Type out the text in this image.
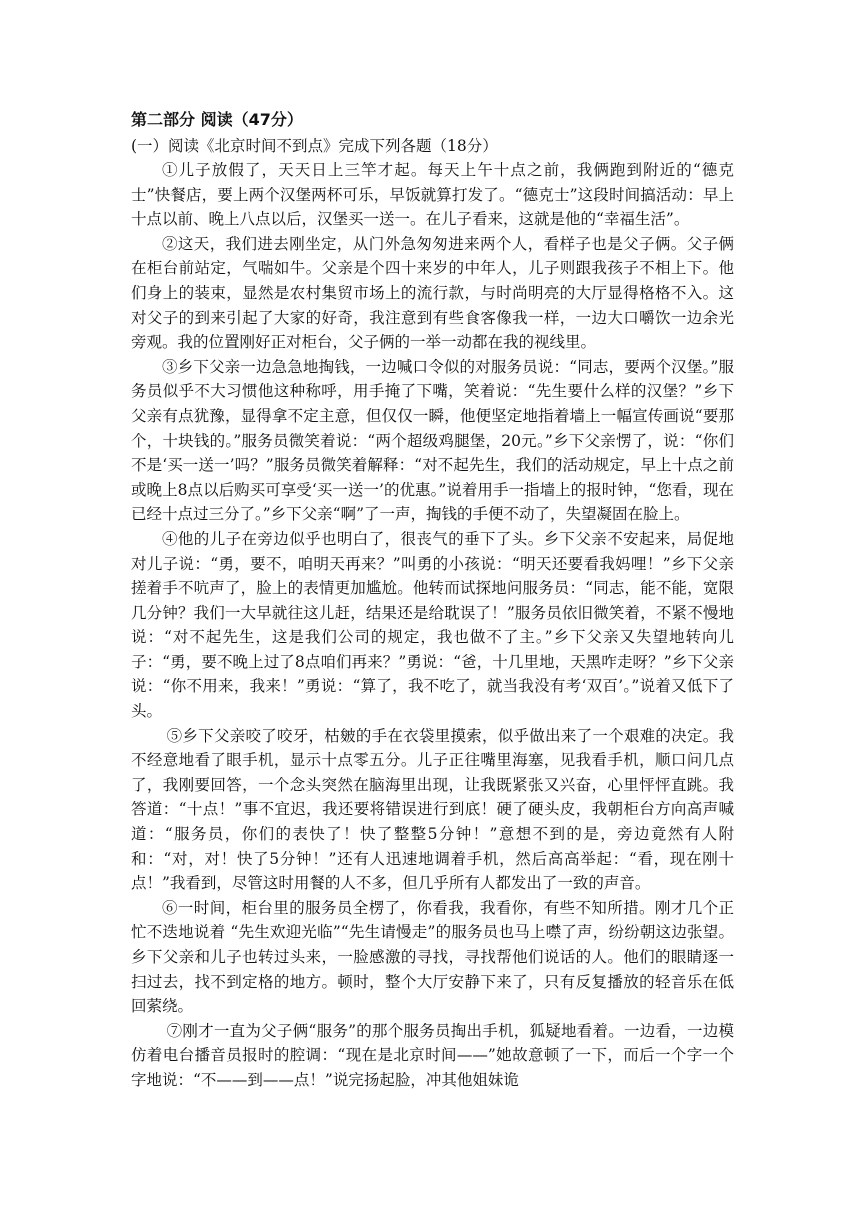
第二部分 阅读（47分）

(一）阅读《北京时间不到点》完成下列各题（18分）

①儿子放假了，天天日上三竿才起。每天上午十点之前，我俩跑到附近的“德克士”快餐店，要上两个汉堡两杯可乐，早饭就算打发了。“德克士”这段时间搞活动：早上十点以前、晚上八点以后，汉堡买一送一。在儿子看来，这就是他的“幸福生活”。

②这天，我们进去刚坐定，从门外急匆匆进来两个人，看样子也是父子俩。父子俩在柜台前站定，气喘如牛。父亲是个四十来岁的中年人，儿子则跟我孩子不相上下。他们身上的装束，显然是农村集贸市场上的流行款，与时尚明亮的大厅显得格格不入。这对父子的到来引起了大家的好奇，我注意到有些食客像我一样，一边大口嚼饮一边余光旁观。我的位置刚好正对柜台，父子俩的一举一动都在我的视线里。

③乡下父亲一边急急地掏钱，一边喊口令似的对服务员说：“同志，要两个汉堡。”服务员似乎不大习惯他这种称呼，用手掩了下嘴，笑着说：“先生要什么样的汉堡？”乡下父亲有点犹豫，显得拿不定主意，但仅仅一瞬，他便坚定地指着墙上一幅宣传画说“要那个，十块钱的。”服务员微笑着说：“两个超级鸡腿堡，20元。”乡下父亲愣了，说：“你们不是‘买一送一’吗？”服务员微笑着解释：“对不起先生，我们的活动规定，早上十点之前或晚上8点以后购买可享受‘买一送一’的优惠。”说着用手一指墙上的报时钟，“您看，现在已经十点过三分了。”乡下父亲“啊”了一声，掏钱的手便不动了，失望凝固在脸上。

④他的儿子在旁边似乎也明白了，很丧气的垂下了头。乡下父亲不安起来，局促地对儿子说：“勇，要不，咱明天再来？”叫勇的小孩说：“明天还要看我妈哩！”乡下父亲搓着手不吭声了，脸上的表情更加尴尬。他转而试探地问服务员：“同志，能不能，宽限几分钟？我们一大早就往这儿赶，结果还是给耽误了！”服务员依旧微笑着，不紧不慢地说：“对不起先生，这是我们公司的规定，我也做不了主。”乡下父亲又失望地转向儿子：“勇，要不晚上过了8点咱们再来？”勇说：“爸，十几里地，天黑咋走呀？”乡下父亲说：“你不用来，我来！”勇说：“算了，我不吃了，就当我没有考‘双百’。”说着又低下了头。

⑤乡下父亲咬了咬牙，枯皴的手在衣袋里摸索，似乎做出来了一个艰难的决定。我不经意地看了眼手机，显示十点零五分。儿子正往嘴里海塞，见我看手机，顺口问几点了，我刚要回答，一个念头突然在脑海里出现，让我既紧张又兴奋，心里怦怦直跳。我答道：“十点！”事不宜迟，我还要将错误进行到底！硬了硬头皮，我朝柜台方向高声喊道：“服务员，你们的表快了！快了整整5分钟！”意想不到的是，旁边竟然有人附和：“对，对！快了5分钟！”还有人迅速地调着手机，然后高高举起：“看，现在刚十点！”我看到，尽管这时用餐的人不多，但几乎所有人都发出了一致的声音。

⑥一时间，柜台里的服务员全楞了，你看我，我看你，有些不知所措。刚才几个正忙不迭地说着 “先生欢迎光临”“先生请慢走”的服务员也马上噤了声，纷纷朝这边张望。乡下父亲和儿子也转过头来，一脸感激的寻找，寻找帮他们说话的人。他们的眼睛逐一扫过去，找不到定格的地方。顿时，整个大厅安静下来了，只有反复播放的轻音乐在低回萦绕。

⑦刚才一直为父子俩“服务”的那个服务员掏出手机，狐疑地看着。一边看，一边模仿着电台播音员报时的腔调：“现在是北京时间——”她故意顿了一下，而后一个字一个字地说：“不——到——点！”说完扬起脸，冲其他姐妹诡
